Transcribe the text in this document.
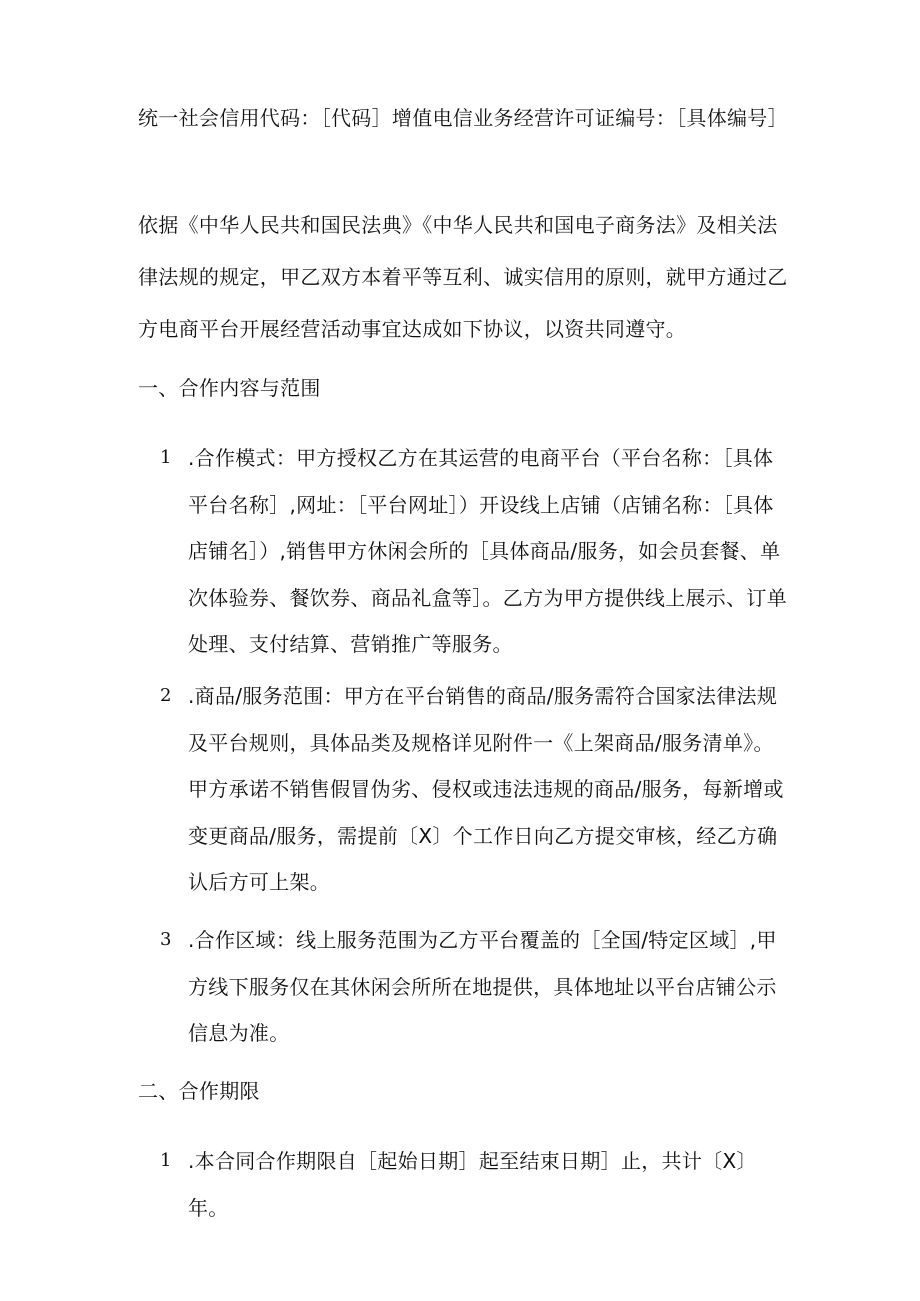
统一社会信用代码：［代码］增值电信业务经营许可证编号：［具体编号］
依据《中华人民共和国民法典》《中华人民共和国电子商务法》及相关法律法规的规定，甲乙双方本着平等互利、诚实信用的原则，就甲方通过乙方电商平台开展经营活动事宜达成如下协议，以资共同遵守。
一、合作内容与范围
1 .合作模式：甲方授权乙方在其运营的电商平台（平台名称：［具体平台名称］,网址：［平台网址］）开设线上店铺（店铺名称：［具体店铺名］）,销售甲方休闲会所的［具体商品/服务，如会员套餐、单次体验券、餐饮券、商品礼盒等］。乙方为甲方提供线上展示、订单处理、支付结算、营销推广等服务。
2 .商品/服务范围：甲方在平台销售的商品/服务需符合国家法律法规及平台规则，具体品类及规格详见附件一《上架商品/服务清单》。甲方承诺不销售假冒伪劣、侵权或违法违规的商品/服务，每新增或变更商品/服务，需提前〔X〕个工作日向乙方提交审核，经乙方确认后方可上架。
3 .合作区域：线上服务范围为乙方平台覆盖的［全国/特定区域］,甲方线下服务仅在其休闲会所所在地提供，具体地址以平台店铺公示信息为准。
二、合作期限
1 .本合同合作期限自［起始日期］起至结束日期］止，共计〔X〕年。
